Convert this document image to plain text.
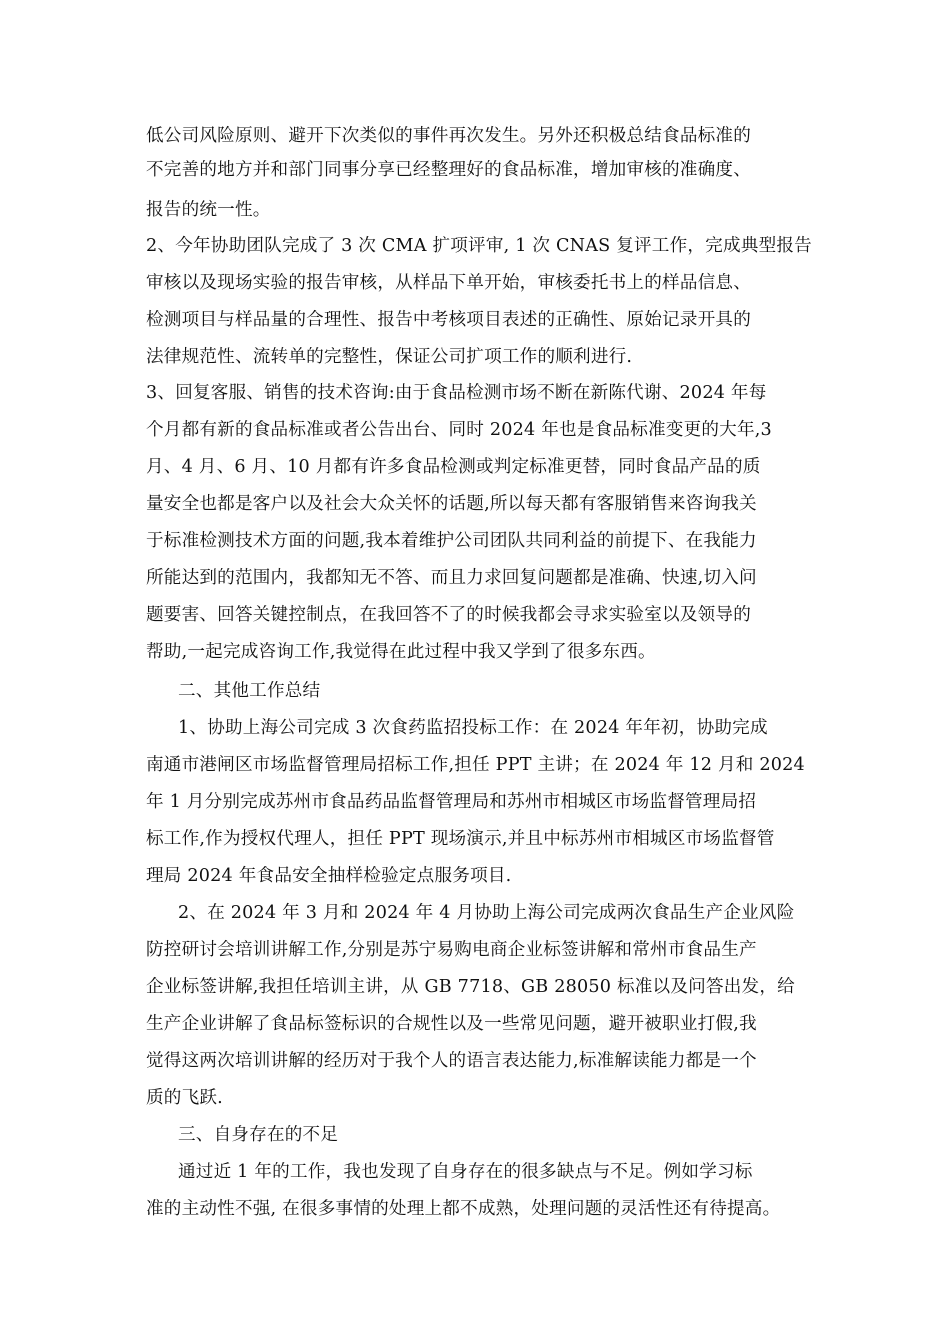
低公司风险原则、避开下次类似的事件再次发生。另外还积极总结食品标准的
不完善的地方并和部门同事分享已经整理好的食品标准，增加审核的准确度、
报告的统一性。
2、今年协助团队完成了 3 次 CMA 扩项评审, 1 次 CNAS 复评工作，完成典型报告
审核以及现场实验的报告审核，从样品下单开始，审核委托书上的样品信息、
检测项目与样品量的合理性、报告中考核项目表述的正确性、原始记录开具的
法律规范性、流转单的完整性，保证公司扩项工作的顺利进行.
3、回复客服、销售的技术咨询:由于食品检测市场不断在新陈代谢、2024 年每
个月都有新的食品标准或者公告出台、同时 2024 年也是食品标准变更的大年,3
月、4 月、6 月、10 月都有许多食品检测或判定标准更替，同时食品产品的质
量安全也都是客户以及社会大众关怀的话题,所以每天都有客服销售来咨询我关
于标准检测技术方面的问题,我本着维护公司团队共同利益的前提下、在我能力
所能达到的范围内，我都知无不答、而且力求回复问题都是准确、快速,切入问
题要害、回答关键控制点，在我回答不了的时候我都会寻求实验室以及领导的
帮助,一起完成咨询工作,我觉得在此过程中我又学到了很多东西。
二、其他工作总结
1、协助上海公司完成 3 次食药监招投标工作：在 2024 年年初，协助完成
南通市港闸区市场监督管理局招标工作,担任 PPT 主讲；在 2024 年 12 月和 2024
年 1 月分别完成苏州市食品药品监督管理局和苏州市相城区市场监督管理局招
标工作,作为授权代理人，担任 PPT 现场演示,并且中标苏州市相城区市场监督管
理局 2024 年食品安全抽样检验定点服务项目.
2、在 2024 年 3 月和 2024 年 4 月协助上海公司完成两次食品生产企业风险
防控研讨会培训讲解工作,分别是苏宁易购电商企业标签讲解和常州市食品生产
企业标签讲解,我担任培训主讲，从 GB 7718、GB 28050 标准以及问答出发，给
生产企业讲解了食品标签标识的合规性以及一些常见问题，避开被职业打假,我
觉得这两次培训讲解的经历对于我个人的语言表达能力,标准解读能力都是一个
质的飞跃.
三、自身存在的不足
通过近 1 年的工作，我也发现了自身存在的很多缺点与不足。例如学习标
准的主动性不强, 在很多事情的处理上都不成熟，处理问题的灵活性还有待提高。
